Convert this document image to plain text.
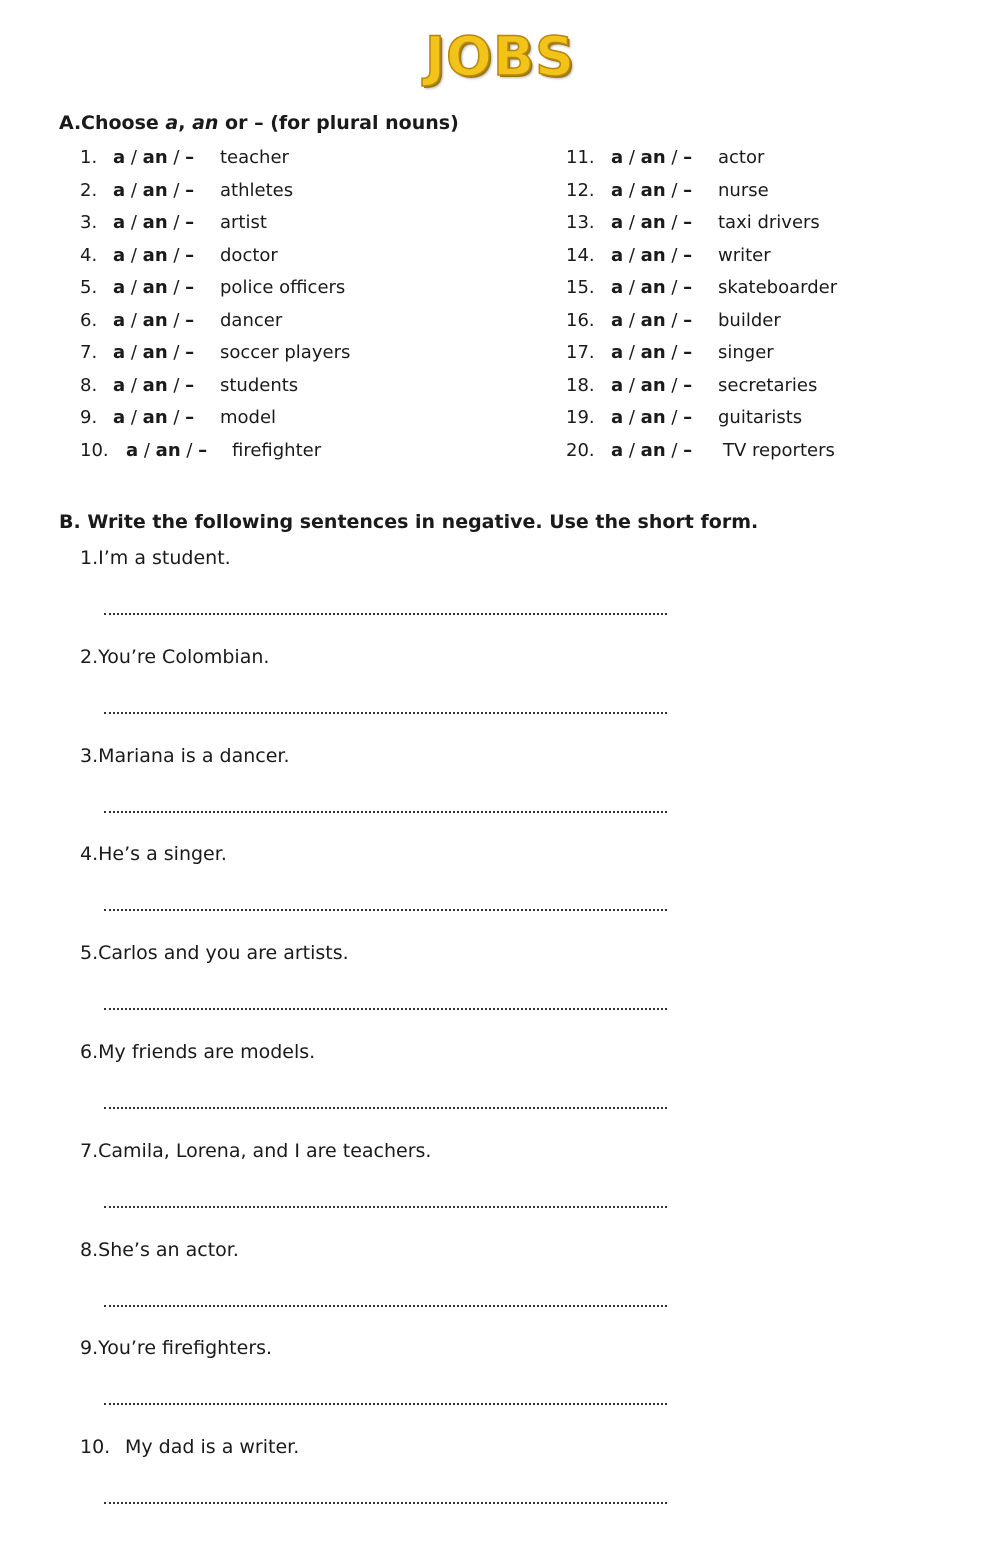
JOBS
A.Choose a, an or – (for plural nouns)
1. a / an / – teacher
2. a / an / – athletes
3. a / an / – artist
4. a / an / – doctor
5. a / an / – police officers
6. a / an / – dancer
7. a / an / – soccer players
8. a / an / – students
9. a / an / – model
10. a / an / – firefighter
11. a / an / – actor
12. a / an / – nurse
13. a / an / – taxi drivers
14. a / an / – writer
15. a / an / – skateboarder
16. a / an / – builder
17. a / an / – singer
18. a / an / – secretaries
19. a / an / – guitarists
20. a / an / – TV reporters
B. Write the following sentences in negative. Use the short form.
1.I’m a student.
2.You’re Colombian.
3.Mariana is a dancer.
4.He’s a singer.
5.Carlos and you are artists.
6.My friends are models.
7.Camila, Lorena, and I are teachers.
8.She’s an actor.
9.You’re firefighters.
10. My dad is a writer.
